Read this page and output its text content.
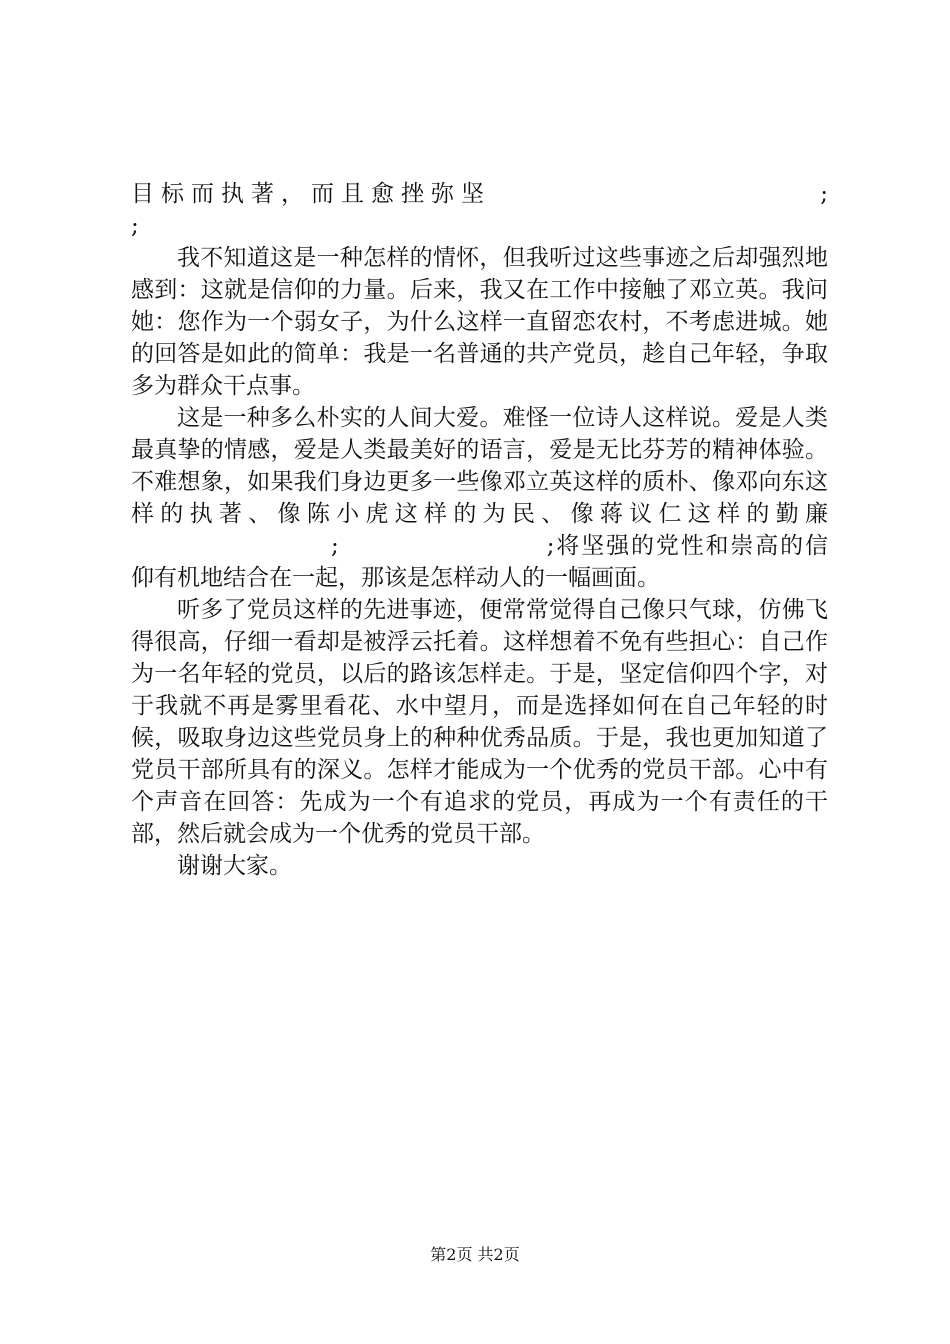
目标而执著，而且愈挫弥坚	;
;

我不知道这是一种怎样的情怀，但我听过这些事迹之后却强烈地感到：这就是信仰的力量。后来，我又在工作中接触了邓立英。我问她：您作为一个弱女子，为什么这样一直留恋农村，不考虑进城。她的回答是如此的简单：我是一名普通的共产党员，趁自己年轻，争取多为群众干点事。

这是一种多么朴实的人间大爱。难怪一位诗人这样说。爱是人类最真挚的情感，爱是人类最美好的语言，爱是无比芬芳的精神体验。不难想象，如果我们身边更多一些像邓立英这样的质朴、像邓向东这样的执著、像陈小虎这样的为民、像蒋议仁这样的勤廉;	;将坚强的党性和崇高的信仰有机地结合在一起，那该是怎样动人的一幅画面。

听多了党员这样的先进事迹，便常常觉得自己像只气球，仿佛飞得很高，仔细一看却是被浮云托着。这样想着不免有些担心：自己作为一名年轻的党员，以后的路该怎样走。于是，坚定信仰四个字，对于我就不再是雾里看花、水中望月，而是选择如何在自己年轻的时候，吸取身边这些党员身上的种种优秀品质。于是，我也更加知道了党员干部所具有的深义。怎样才能成为一个优秀的党员干部。心中有个声音在回答：先成为一个有追求的党员，再成为一个有责任的干部，然后就会成为一个优秀的党员干部。

谢谢大家。

第2页 共2页
